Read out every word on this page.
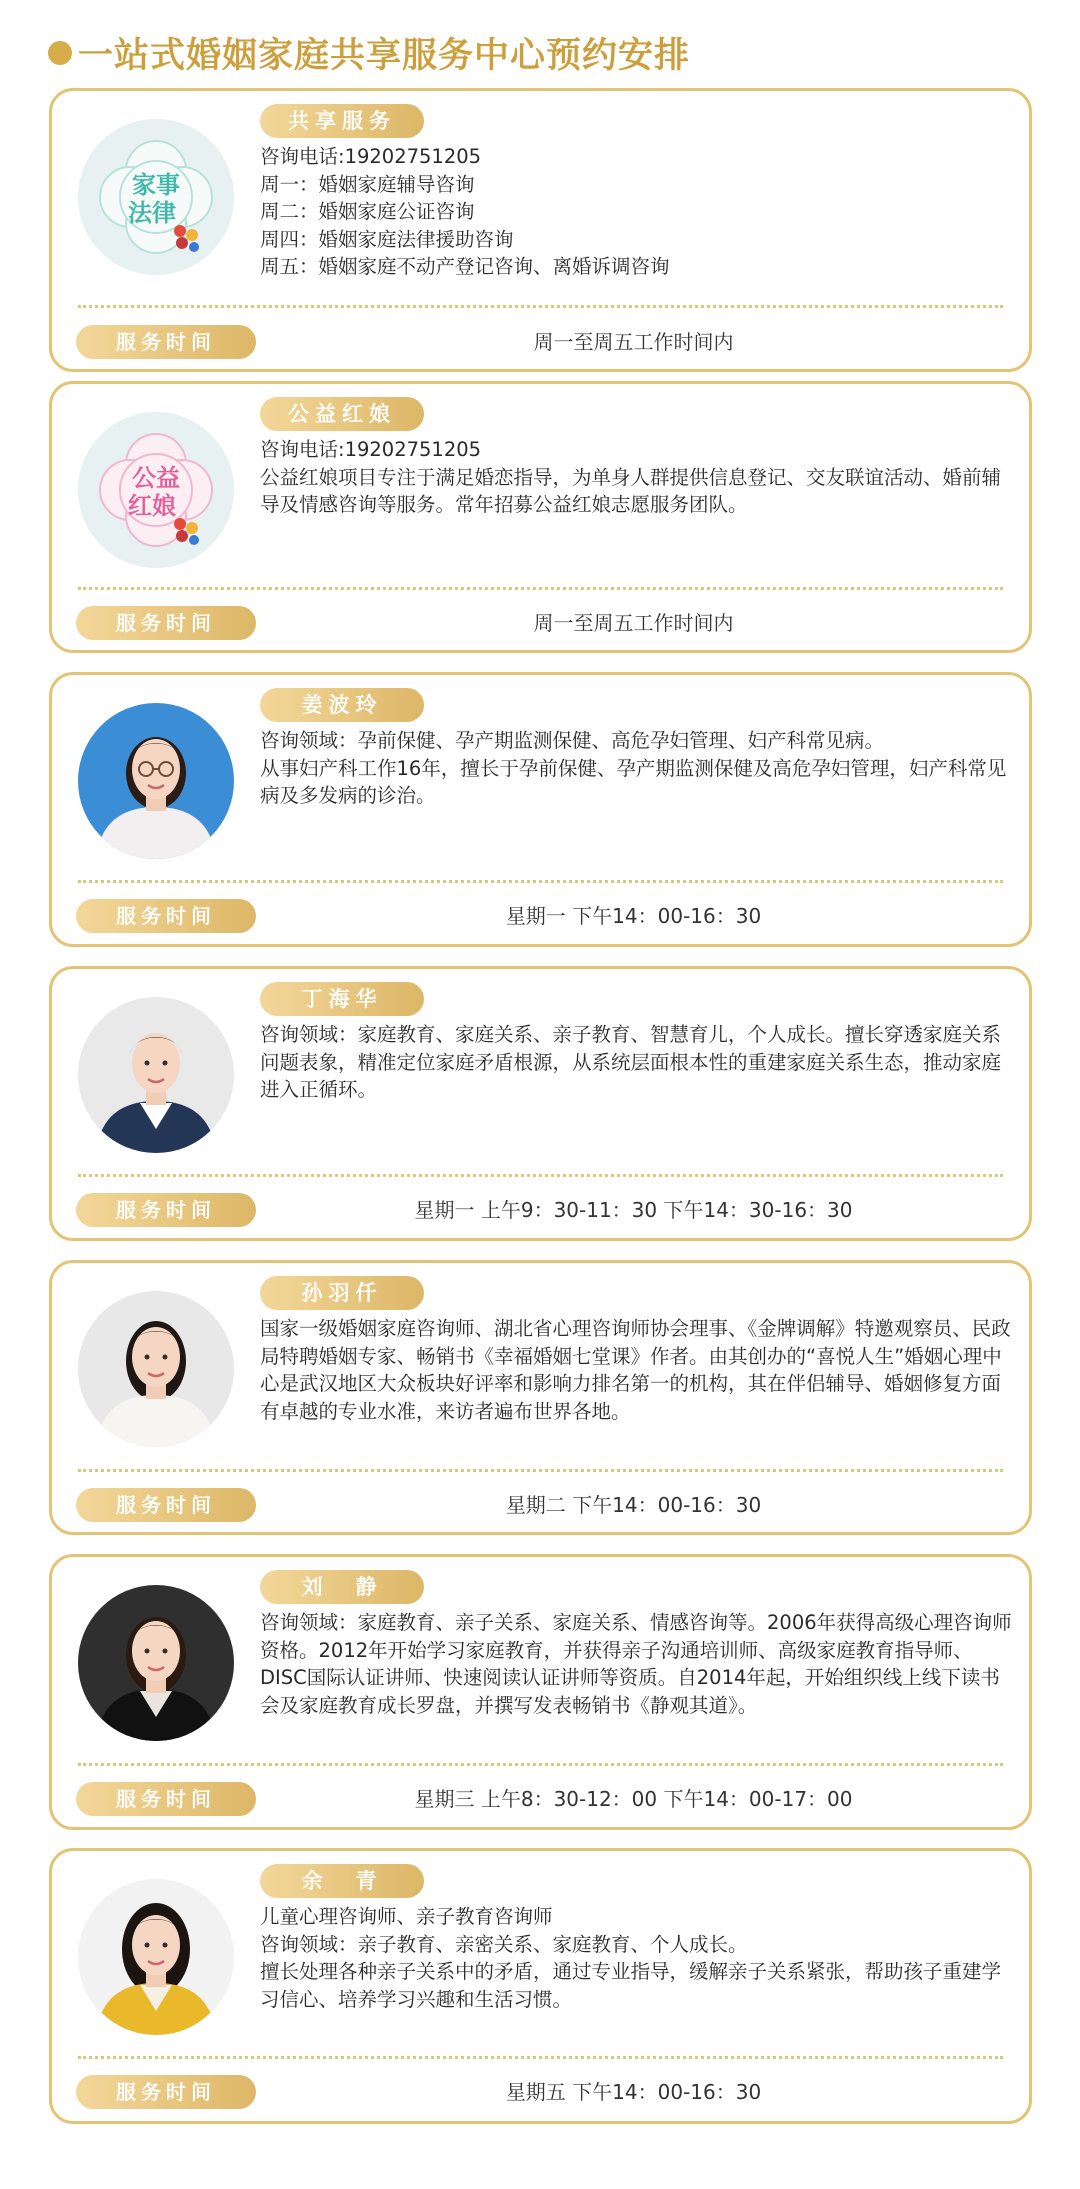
一站式婚姻家庭共享服务中心预约安排
家事
法律
共享服务
咨询电话:19202751205
周一：婚姻家庭辅导咨询
周二：婚姻家庭公证咨询
周四：婚姻家庭法律援助咨询
周五：婚姻家庭不动产登记咨询、离婚诉调咨询
服务时间	周一至周五工作时间内
公益
红娘
公益红娘
咨询电话:19202751205
公益红娘项目专注于满足婚恋指导，为单身人群提供信息登记、交友联谊活动、婚前辅导及情感咨询等服务。常年招募公益红娘志愿服务团队。
服务时间	周一至周五工作时间内
姜波玲
咨询领域：孕前保健、孕产期监测保健、高危孕妇管理、妇产科常见病。
从事妇产科工作16年，擅长于孕前保健、孕产期监测保健及高危孕妇管理，妇产科常见病及多发病的诊治。
服务时间	星期一 下午14：00-16：30
丁海华
咨询领域：家庭教育、家庭关系、亲子教育、智慧育儿，个人成长。擅长穿透家庭关系问题表象，精准定位家庭矛盾根源，从系统层面根本性的重建家庭关系生态，推动家庭进入正循环。
服务时间	星期一 上午9：30-11：30 下午14：30-16：30
孙羽仟
国家一级婚姻家庭咨询师、湖北省心理咨询师协会理事、《金牌调解》特邀观察员、民政局特聘婚姻专家、畅销书《幸福婚姻七堂课》作者。由其创办的“喜悦人生”婚姻心理中心是武汉地区大众板块好评率和影响力排名第一的机构，其在伴侣辅导、婚姻修复方面有卓越的专业水准，来访者遍布世界各地。
服务时间	星期二 下午14：00-16：30
刘　静
咨询领域：家庭教育、亲子关系、家庭关系、情感咨询等。2006年获得高级心理咨询师资格。2012年开始学习家庭教育，并获得亲子沟通培训师、高级家庭教育指导师、DISC国际认证讲师、快速阅读认证讲师等资质。自2014年起，开始组织线上线下读书会及家庭教育成长罗盘，并撰写发表畅销书《静观其道》。
服务时间	星期三 上午8：30-12：00 下午14：00-17：00
余　青
儿童心理咨询师、亲子教育咨询师
咨询领域：亲子教育、亲密关系、家庭教育、个人成长。
擅长处理各种亲子关系中的矛盾，通过专业指导，缓解亲子关系紧张，帮助孩子重建学习信心、培养学习兴趣和生活习惯。
服务时间	星期五 下午14：00-16：30
